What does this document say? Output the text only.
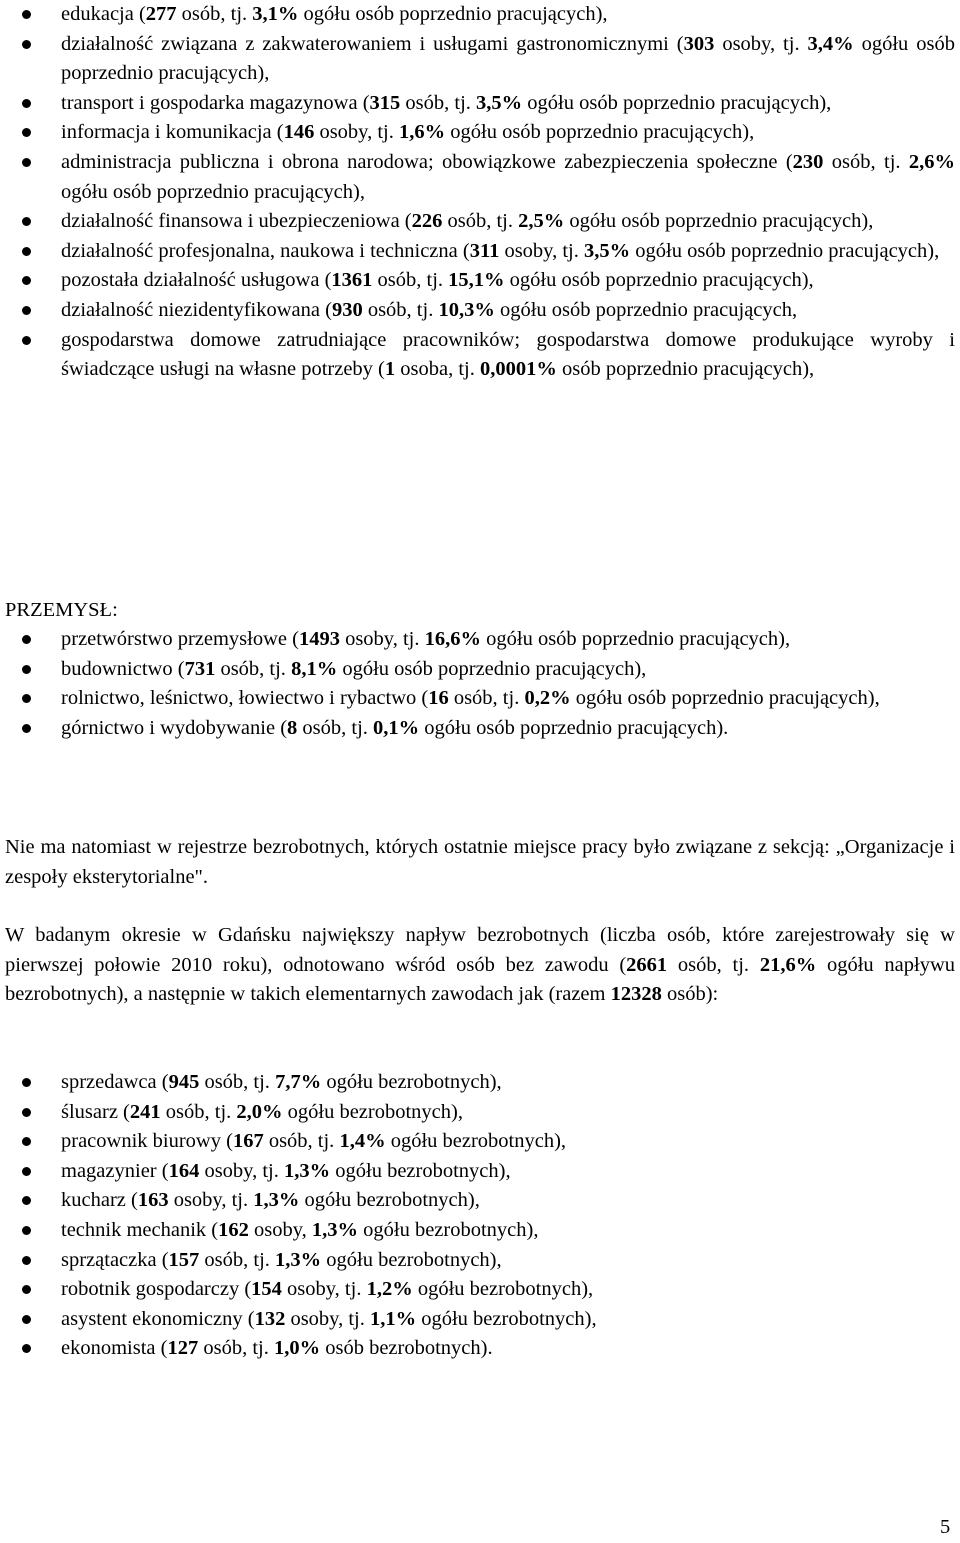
edukacja (277 osób, tj. 3,1% ogółu osób poprzednio pracujących),
działalność związana z zakwaterowaniem i usługami gastronomicznymi (303 osoby, tj. 3,4% ogółu osób poprzednio pracujących),
transport i gospodarka magazynowa (315 osób, tj. 3,5% ogółu osób poprzednio pracujących),
informacja i komunikacja (146 osoby, tj. 1,6% ogółu osób poprzednio pracujących),
administracja publiczna i obrona narodowa; obowiązkowe zabezpieczenia społeczne (230 osób, tj. 2,6% ogółu osób poprzednio pracujących),
działalność finansowa i ubezpieczeniowa (226 osób, tj. 2,5% ogółu osób poprzednio pracujących),
działalność profesjonalna, naukowa i techniczna (311 osoby, tj. 3,5% ogółu osób poprzednio pracujących),
pozostała działalność usługowa (1361 osób, tj. 15,1% ogółu osób poprzednio pracujących),
działalność niezidentyfikowana (930 osób, tj. 10,3% ogółu osób poprzednio pracujących,
gospodarstwa domowe zatrudniające pracowników; gospodarstwa domowe produkujące wyroby i świadczące usługi na własne potrzeby (1 osoba, tj. 0,0001% osób poprzednio pracujących),
PRZEMYSŁ:
przetwórstwo przemysłowe (1493 osoby, tj. 16,6% ogółu osób poprzednio pracujących),
budownictwo (731 osób, tj. 8,1% ogółu osób poprzednio pracujących),
rolnictwo, leśnictwo, łowiectwo i rybactwo (16 osób, tj. 0,2% ogółu osób poprzednio pracujących),
górnictwo i wydobywanie (8 osób, tj. 0,1% ogółu osób poprzednio pracujących).

Nie ma natomiast w rejestrze bezrobotnych, których ostatnie miejsce pracy było związane z sekcją: „Organizacje i zespoły eksterytorialne".

W badanym okresie w Gdańsku największy napływ bezrobotnych (liczba osób, które zarejestrowały się w pierwszej połowie 2010 roku), odnotowano wśród osób bez zawodu (2661 osób, tj. 21,6% ogółu napływu bezrobotnych), a następnie w takich elementarnych zawodach jak (razem 12328 osób):

sprzedawca (945 osób, tj. 7,7% ogółu bezrobotnych),
ślusarz (241 osób, tj. 2,0% ogółu bezrobotnych),
pracownik biurowy (167 osób, tj. 1,4% ogółu bezrobotnych),
magazynier (164 osoby, tj. 1,3% ogółu bezrobotnych),
kucharz (163 osoby, tj. 1,3% ogółu bezrobotnych),
technik mechanik (162 osoby, 1,3% ogółu bezrobotnych),
sprzątaczka (157 osób, tj. 1,3% ogółu bezrobotnych),
robotnik gospodarczy (154 osoby, tj. 1,2% ogółu bezrobotnych),
asystent ekonomiczny (132 osoby, tj. 1,1% ogółu bezrobotnych),
ekonomista (127 osób, tj. 1,0% osób bezrobotnych).
5
